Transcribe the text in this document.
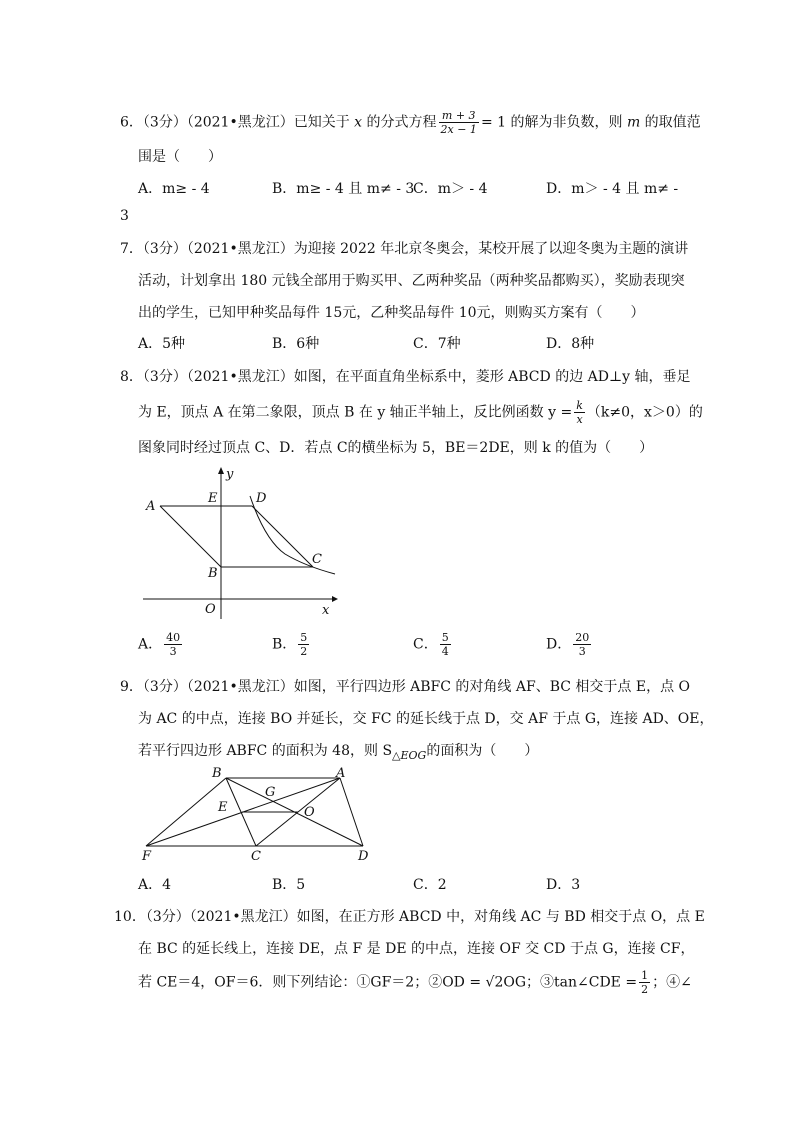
6．（3分）（2021•黑龙江）已知关于 x 的分式方程 $\frac{m + 3}{2x - 1} = 1$ 的解为非负数，则 m 的取值范
围是（　　）
A．m≥ - 4	B．m≥ - 4 且 m≠ - 3
C．m＞ - 4	D．m＞ - 4 且 m≠ -
3
7．（3分）（2021•黑龙江）为迎接 2022 年北京冬奥会，某校开展了以迎冬奥为主题的演讲
活动，计划拿出 180 元钱全部用于购买甲、乙两种奖品（两种奖品都购买），奖励表现突
出的学生，已知甲种奖品每件 15元，乙种奖品每件 10元，则购买方案有（　　）
A．5种	B．6种	C．7种	D．8种
8．（3分）（2021•黑龙江）如图，在平面直角坐标系中，菱形 ABCD 的边 AD⊥y 轴，垂足
为 E，顶点 A 在第二象限，顶点 B 在 y 轴正半轴上，反比例函数 $y = \frac{k}{x} (k\ne 0$，x＞0）的
图象同时经过顶点 C、D．若点 C的横坐标为 5，BE＝2DE，则 k 的值为（　　）
A
E	D
y
C
B
O	x
A． $\frac{40}{3}$	B． $\frac{5}{2}$	C． $\frac{5}{4}$	D． $\frac{20}{3}$
9．（3分）（2021•黑龙江）如图，平行四边形 ABFC 的对角线 AF、BC 相交于点 E，点 O
为 AC 的中点，连接 BO 并延长，交 FC 的延长线于点 D，交 AF 于点 G，连接 AD、OE，
若平行四边形 ABFC 的面积为 48，则 $S_{\triangle EOG}$的面积为（　　）
B	A
G
E	O
F	C	D
A．4	B．5	C．2	D．3
10．（3分）（2021•黑龙江）如图，在正方形 ABCD 中，对角线 AC 与 BD 相交于点 O，点 E
在 BC 的延长线上，连接 DE，点 F 是 DE 的中点，连接 OF 交 CD 于点 G，连接 CF，
若 CE＝4，OF＝6．则下列结论：①GF＝2；②OD = √2OG；③tan∠CDE = $\frac{1}{2}$ ；④∠
